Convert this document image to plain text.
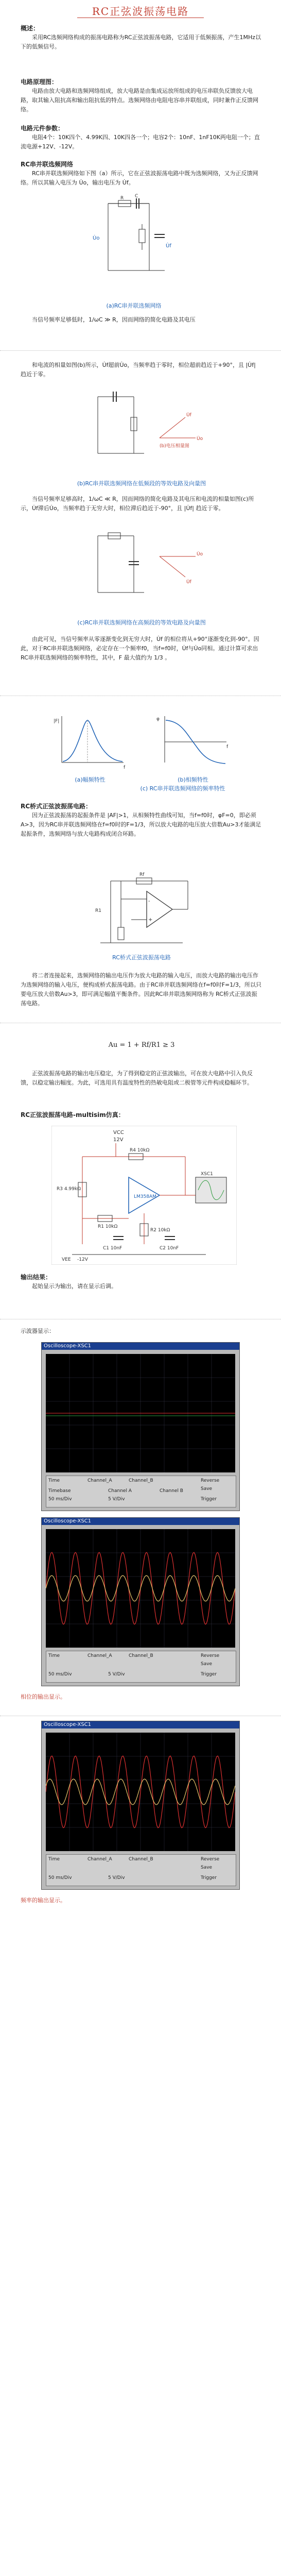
RC正弦波振荡电路
概述：
采用RC选频网络构成的振荡电路称为RC正弦波振荡电路，它适用于低频振荡，产生1MHz以下的低频信号。
电路原理图：
电路由放大电路和选频网络组成，放大电路是由集成运放所组成的电压串联负反馈放大电路，取其输入阻抗高和输出阻抗低的特点。选频网络由电阻电容串并联组成，同时兼作正反馈网络。
电路元件参数：
电阻4个：10K四个、4.99K四、10K四各一个；电容2个：10nF、1nF10K两电阻一个；直流电源+12V、-12V。
RC串并联选频网络
RC串并联选频网络如下图（a）所示，它在正弦波振荡电路中既为选频网络，又为正反馈网络。所以其输入电压为 U̇o，输出电压为 U̇f。
U̇o
U̇f
R C
(a)RC串并联选频网络
当信号频率足够低时，1/ωC ≫ R，因而网络的简化电路及其电压
和电流的相量如图(b)所示，U̇f超前U̇o，当频率趋于零时，相位超前趋近于+90°，且 |U̇f| 趋近于零。
U̇f
U̇o
(b)电压相量图
(b)RC串并联选频网络在低频段的等效电路及向量图
当信号频率足够高时，1/ωC ≪ R，因而网络的简化电路及其电压和电流的相量如图(c)所示，U̇f滞后U̇o，当频率趋于无穷大时，相位滞后趋近于-90°，且 |U̇f| 趋近于零。
U̇f
U̇o
(c)RC串并联选频网络在高频段的等效电路及向量图
由此可见，当信号频率从零逐渐变化到无穷大时，U̇f 的相位将从+90°逐渐变化到-90°。因此，对于RC串并联选频网络，必定存在一个频率f0，当f=f0时，U̇f与U̇o同相。通过计算可求出RC串并联选频网络的频率特性，其中，F 最大值约为 1/3 。
|F|
f
φ
f
(a)幅频特性	(b)相频特性
(c) RC串并联选频网络的频率特性
RC桥式正弦波振荡电路：
因为正弦波振荡的起振条件是 |AF|>1，从相频特性曲线可知，当f=f0时，φF=0，即必须A>3，因为RC串并联选频网络在f=f0时的F=1/3，所以放大电路的电压放大倍数Au>3才能满足起振条件，选频网络与放大电路构成闭合环路。
-
+
Rf
R1
RC桥式正弦波振荡电路
将二者连接起来，选频网络的输出电压作为放大电路的输入电压，而放大电路的输出电压作为选频网络的输入电压，便构成桥式振荡电路。由于RC串并联选频网络在f=f0时F=1/3，所以只要电压放大倍数Au>3，即可满足幅值平衡条件。因此RC串并联选频网络称为 RC桥式正弦波振荡电路。
Au = 1 + Rf/R1 ≥ 3
正弦波振荡电路的输出电压稳定，为了得到稳定的正弦波输出，可在放大电路中引入负反馈，以稳定输出幅度。为此，可选用具有温度特性的热敏电阻或二极管等元件构成稳幅环节。
RC正弦波振荡电路-multisim仿真：
VCC
12V
R4 10kΩ
LM358AM
XSC1
R3 4.99kΩ
R1 10kΩ
R2 10kΩ
C1 10nF	C2 10nF
VEE -12V
输出结果：
起始显示为输出，请在显示后调。
示波器显示：
Oscilloscope-XSC1
Time	Channel_A	Channel_B	Reverse
Save
Timebase
50 ms/Div
Channel A
5 V/Div
Channel B
Trigger
Oscilloscope-XSC1
Time	Channel_A	Channel_B	Reverse
Save
50 ms/Div	5 V/Div	Trigger
相位的输出显示。
Oscilloscope-XSC1
Time	Channel_A	Channel_B	Reverse
Save
50 ms/Div	5 V/Div	Trigger
频率的输出显示。
